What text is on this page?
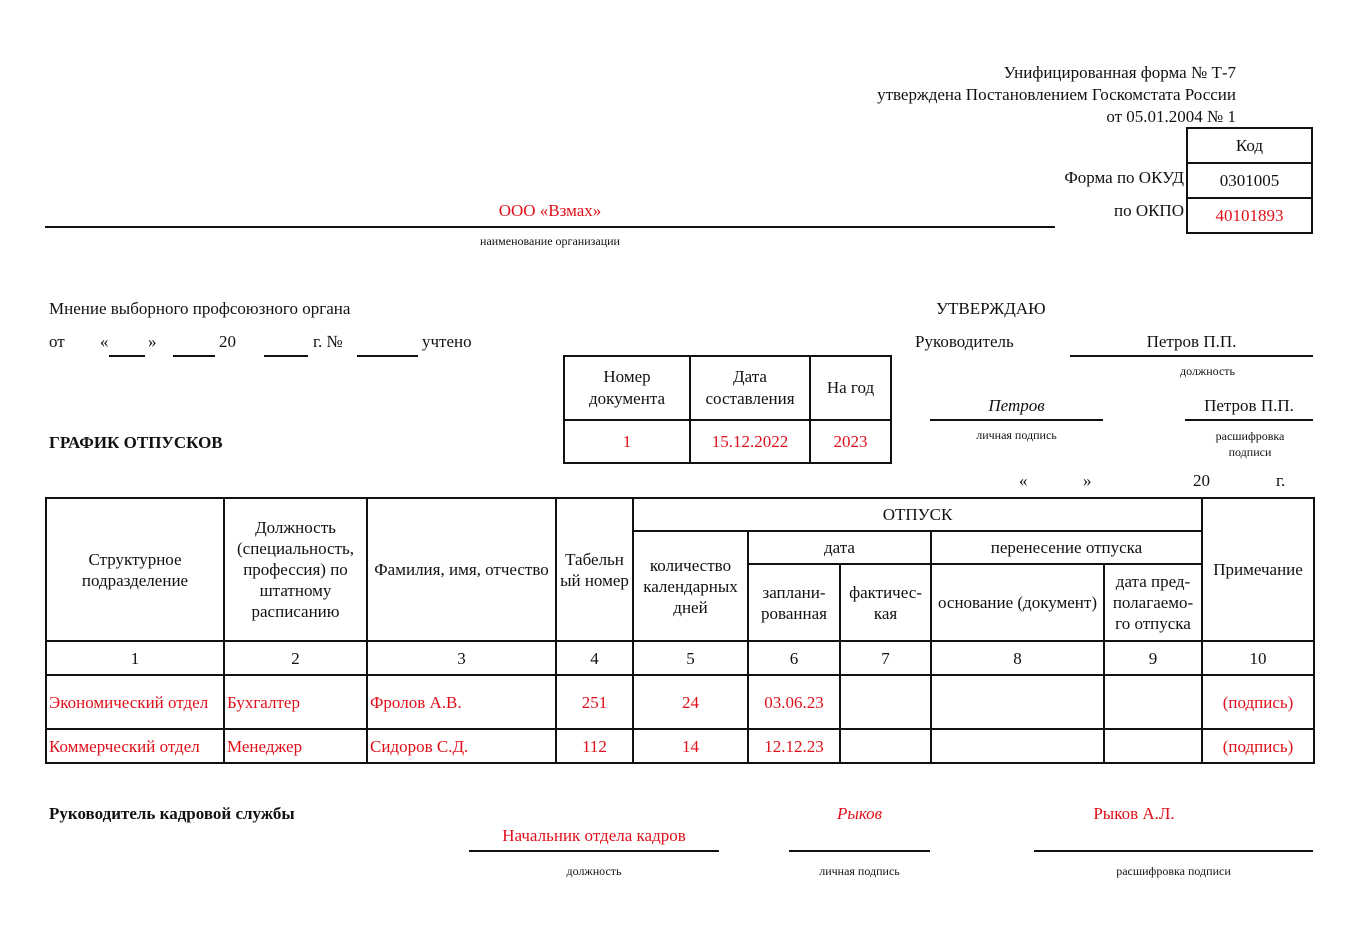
Унифицированная форма № Т-7
утверждена Постановлением Госкомстата России
от 05.01.2004 № 1
Код
0301005
40101893
Форма по ОКУД
по ОКПО
ООО «Взмах»
наименование организации
Мнение выборного профсоюзного органа
от « »	20	г. №	учтено
УТВЕРЖДАЮ
Руководитель	Петров П.П.
должность
Петров
личная подпись
Петров П.П.
расшифровка подписи
«	»	20	г.
ГРАФИК ОТПУСКОВ
Номер документа	Дата составления	На год
1	15.12.2022	2023
Структурное подразделение	Должность (специальность, профессия) по штатному расписанию	Фамилия, имя, отчество	Табельн ый номер	ОТПУСК					Примечание
				количество календарных дней	дата		перенесение отпуска		
					заплани- рованная	фактичес- кая	основание (документ)	дата пред- полагаемо- го отпуска	
1	2	3	4	5	6	7	8	9	10
Экономический отдел	Бухгалтер	Фролов А.В.	251	24	03.06.23				(подпись)
Коммерческий отдел	Менеджер	Сидоров С.Д.	112	14	12.12.23				(подпись)
Руководитель кадровой службы
Начальник отдела кадров
должность
Рыков
личная подпись
Рыков А.Л.
расшифровка подписи
